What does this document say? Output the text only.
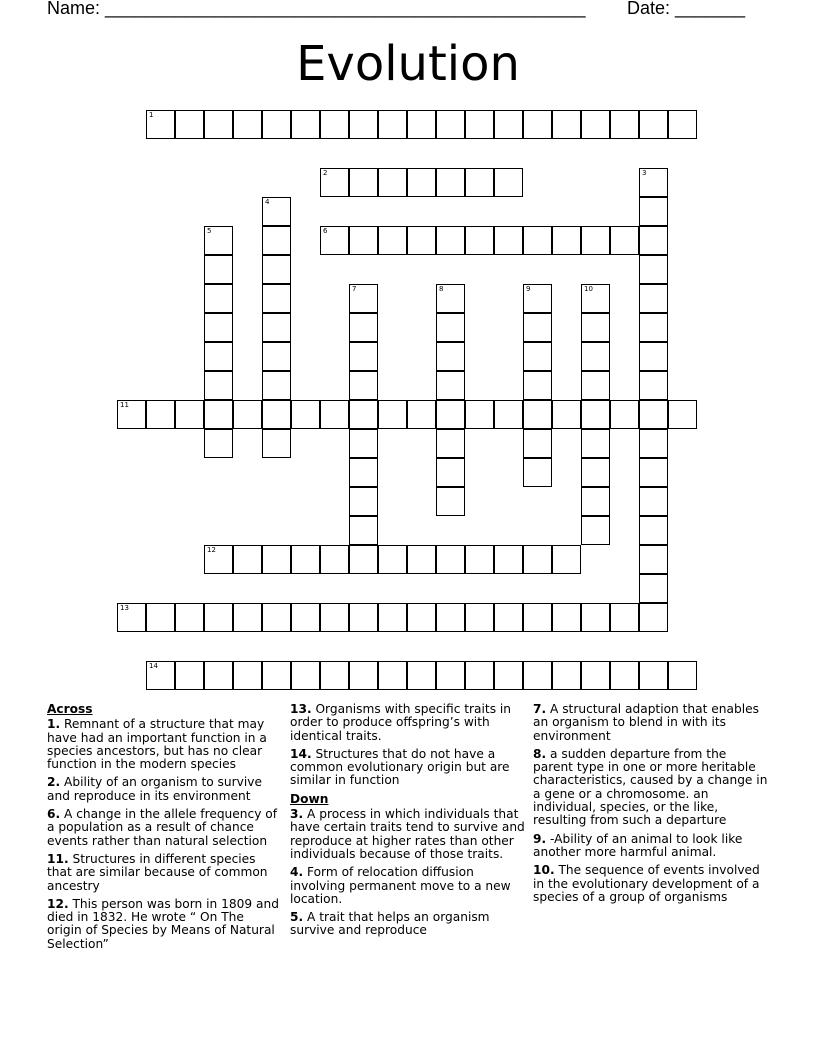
Name: ________________________________________________ Date: _______
Evolution
1
2
6
11
12
13
14
3
4
5
7	8	9	10
Across
1. Remnant of a structure that may have had an important function in a species ancestors, but has no clear function in the modern species
2. Ability of an organism to survive and reproduce in its environment
6. A change in the allele frequency of a population as a result of chance events rather than natural selection
11. Structures in different species that are similar because of common ancestry
12. This person was born in 1809 and died in 1832. He wrote “ On The origin of Species by Means of Natural Selection”
13. Organisms with specific traits in order to produce offspring’s with identical traits.
14. Structures that do not have a common evolutionary origin but are similar in function
Down
3. A process in which individuals that have certain traits tend to survive and reproduce at higher rates than other individuals because of those traits.
4. Form of relocation diffusion involving permanent move to a new location.
5. A trait that helps an organism survive and reproduce
7. A structural adaption that enables an organism to blend in with its environment
8. a sudden departure from the parent type in one or more heritable characteristics, caused by a change in a gene or a chromosome. an individual, species, or the like, resulting from such a departure
9. -Ability of an animal to look like another more harmful animal.
10. The sequence of events involved in the evolutionary development of a species of a group of organisms
